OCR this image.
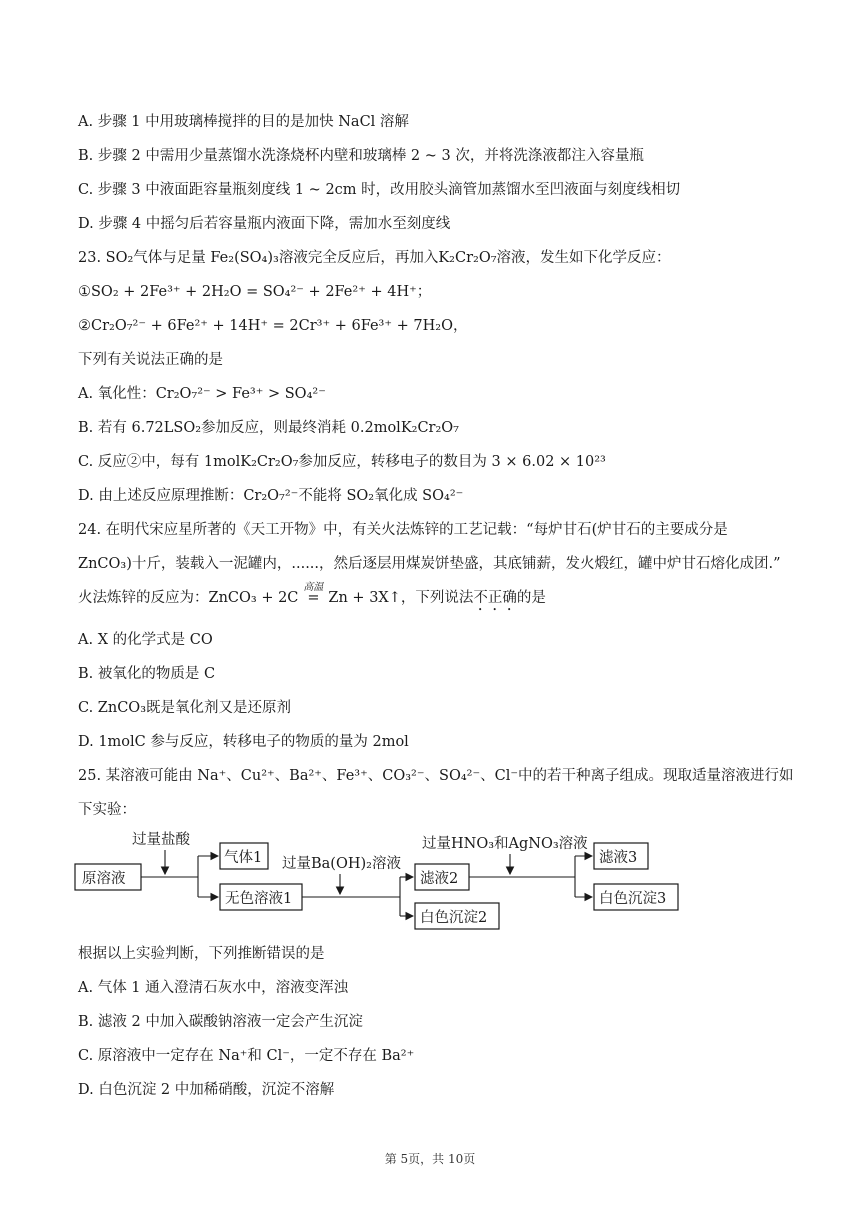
A. 步骤 1 中用玻璃棒搅拌的目的是加快 NaCl 溶解
B. 步骤 2 中需用少量蒸馏水洗涤烧杯内壁和玻璃棒 2 ~ 3 次，并将洗涤液都注入容量瓶
C. 步骤 3 中液面距容量瓶刻度线 1 ~ 2cm 时，改用胶头滴管加蒸馏水至凹液面与刻度线相切
D. 步骤 4 中摇匀后若容量瓶内液面下降，需加水至刻度线
23. SO₂气体与足量 Fe₂(SO₄)₃溶液完全反应后，再加入K₂Cr₂O₇溶液，发生如下化学反应：
①SO₂ + 2Fe³⁺ + 2H₂O = SO₄²⁻ + 2Fe²⁺ + 4H⁺；
②Cr₂O₇²⁻ + 6Fe²⁺ + 14H⁺ = 2Cr³⁺ + 6Fe³⁺ + 7H₂O，
下列有关说法正确的是
A. 氧化性：Cr₂O₇²⁻ > Fe³⁺ > SO₄²⁻
B. 若有 6.72LSO₂参加反应，则最终消耗 0.2molK₂Cr₂O₇
C. 反应②中，每有 1molK₂Cr₂O₇参加反应，转移电子的数目为 3 × 6.02 × 10²³
D. 由上述反应原理推断：Cr₂O₇²⁻不能将 SO₂氧化成 SO₄²⁻
24. 在明代宋应星所著的《天工开物》中，有关火法炼锌的工艺记载：“每炉甘石(炉甘石的主要成分是
ZnCO₃)十斤，装载入一泥罐内，......，然后逐层用煤炭饼垫盛，其底铺薪，发火煅红，罐中炉甘石熔化成团.”
火法炼锌的反应为：ZnCO₃ + 2C
高温
= Zn + 3X↑，下列说法不正确的是
A. X 的化学式是 CO
B. 被氧化的物质是 C
C. ZnCO₃既是氧化剂又是还原剂
D. 1molC 参与反应，转移电子的物质的量为 2mol
25. 某溶液可能由 Na⁺、Cu²⁺、Ba²⁺、Fe³⁺、CO₃²⁻、SO₄²⁻、Cl⁻中的若干种离子组成。现取适量溶液进行如
下实验：
过量盐酸
过量Ba(OH)₂溶液
过量HNO₃和AgNO₃溶液
原溶液
气体1
无色溶液1
滤液2
白色沉淀2
滤液3
白色沉淀3
根据以上实验判断，下列推断错误的是
A. 气体 1 通入澄清石灰水中，溶液变浑浊
B. 滤液 2 中加入碳酸钠溶液一定会产生沉淀
C. 原溶液中一定存在 Na⁺和 Cl⁻，一定不存在 Ba²⁺
D. 白色沉淀 2 中加稀硝酸，沉淀不溶解
第 5页，共 10页
